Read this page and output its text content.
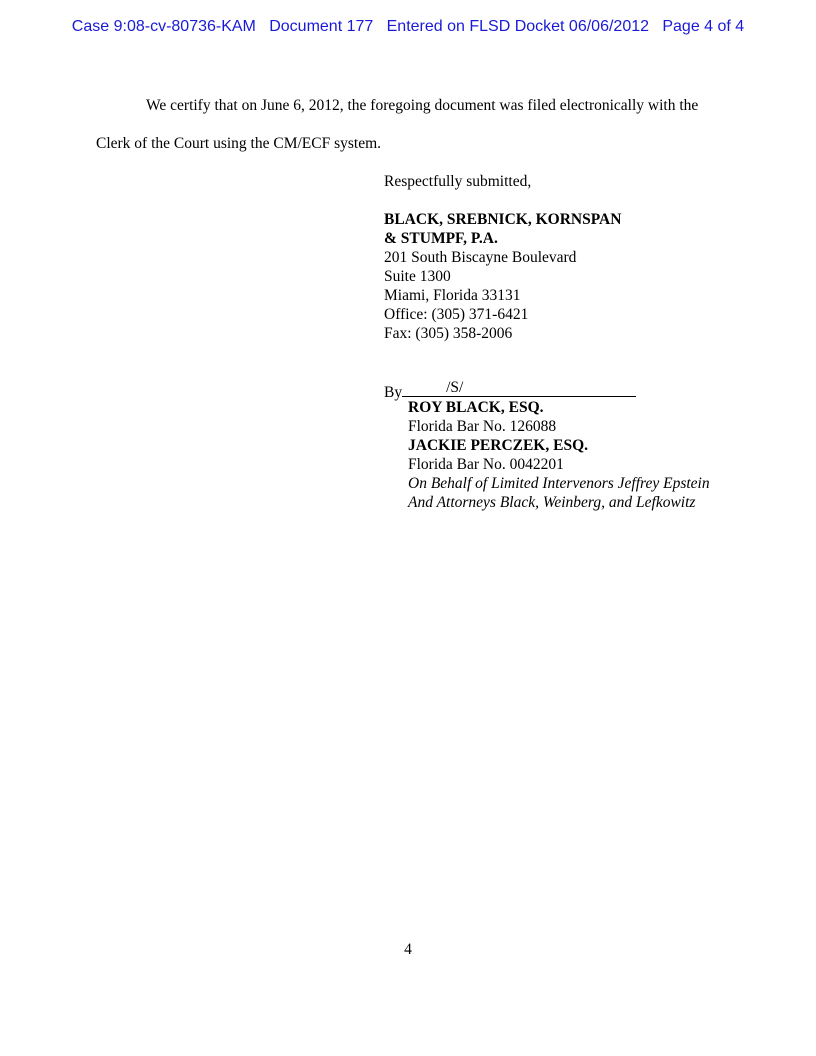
Case 9:08-cv-80736-KAM   Document 177   Entered on FLSD Docket 06/06/2012   Page 4 of 4
We certify that on June 6, 2012, the foregoing document was filed electronically with the
Clerk of the Court using the CM/ECF system.
Respectfully submitted,
BLACK, SREBNICK, KORNSPAN
& STUMPF, P.A.
201 South Biscayne Boulevard
Suite 1300
Miami, Florida 33131
Office: (305) 371-6421
Fax: (305) 358-2006
By	/S/
ROY BLACK, ESQ.
Florida Bar No. 126088
JACKIE PERCZEK, ESQ.
Florida Bar No. 0042201
On Behalf of Limited Intervenors Jeffrey Epstein
And Attorneys Black, Weinberg, and Lefkowitz
4
